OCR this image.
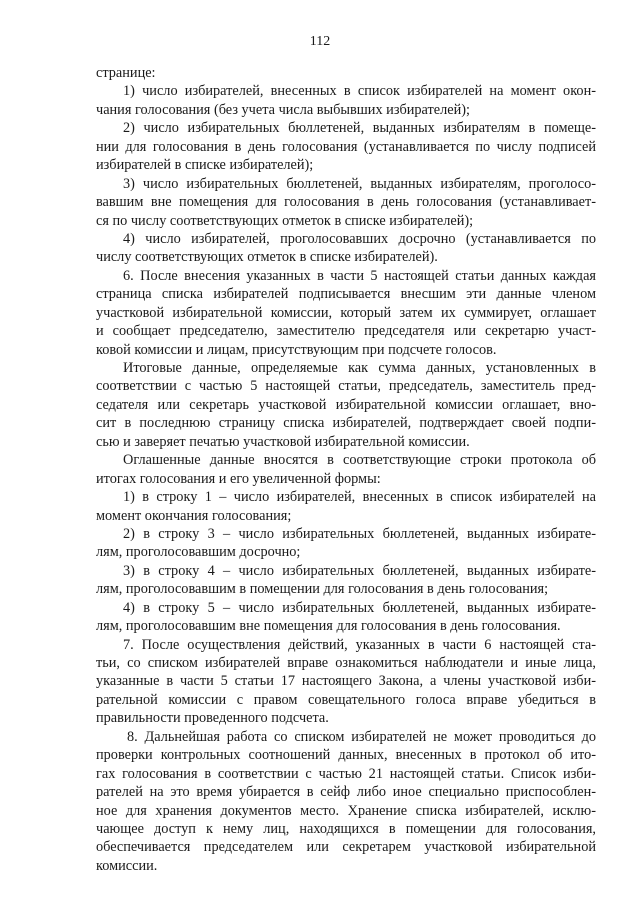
112
странице:
1) число избирателей, внесенных в список избирателей на момент окон-
чания голосования (без учета числа выбывших избирателей);
2) число избирательных бюллетеней, выданных избирателям в помеще-
нии для голосования в день голосования (устанавливается по числу подписей
избирателей в списке избирателей);
3) число избирательных бюллетеней, выданных избирателям, проголосо-
вавшим вне помещения для голосования в день голосования (устанавливает-
ся по числу соответствующих отметок в списке избирателей);
4) число избирателей, проголосовавших досрочно (устанавливается по
числу соответствующих отметок в списке избирателей).
6. После внесения указанных в части 5 настоящей статьи данных каждая
страница списка избирателей подписывается внесшим эти данные членом
участковой избирательной комиссии, который затем их суммирует, оглашает
и сообщает председателю, заместителю председателя или секретарю участ-
ковой комиссии и лицам, присутствующим при подсчете голосов.
Итоговые данные, определяемые как сумма данных, установленных в
соответствии с частью 5 настоящей статьи, председатель, заместитель пред-
седателя или секретарь участковой избирательной комиссии оглашает, вно-
сит в последнюю страницу списка избирателей, подтверждает своей подпи-
сью и заверяет печатью участковой избирательной комиссии.
Оглашенные данные вносятся в соответствующие строки протокола об
итогах голосования и его увеличенной формы:
1) в строку 1 – число избирателей, внесенных в список избирателей на
момент окончания голосования;
2) в строку 3 – число избирательных бюллетеней, выданных избирате-
лям, проголосовавшим досрочно;
3) в строку 4 – число избирательных бюллетеней, выданных избирате-
лям, проголосовавшим в помещении для голосования в день голосования;
4) в строку 5 – число избирательных бюллетеней, выданных избирате-
лям, проголосовавшим вне помещения для голосования в день голосования.
7. После осуществления действий, указанных в части 6 настоящей ста-
тьи, со списком избирателей вправе ознакомиться наблюдатели и иные лица,
указанные в части 5 статьи 17 настоящего Закона, а члены участковой изби-
рательной комиссии с правом совещательного голоса вправе убедиться в
правильности проведенного подсчета.
8. Дальнейшая работа со списком избирателей не может проводиться до
проверки контрольных соотношений данных, внесенных в протокол об ито-
гах голосования в соответствии с частью 21 настоящей статьи. Список изби-
рателей на это время убирается в сейф либо иное специально приспособлен-
ное для хранения документов место. Хранение списка избирателей, исклю-
чающее доступ к нему лиц, находящихся в помещении для голосования,
обеспечивается председателем или секретарем участковой избирательной
комиссии.
